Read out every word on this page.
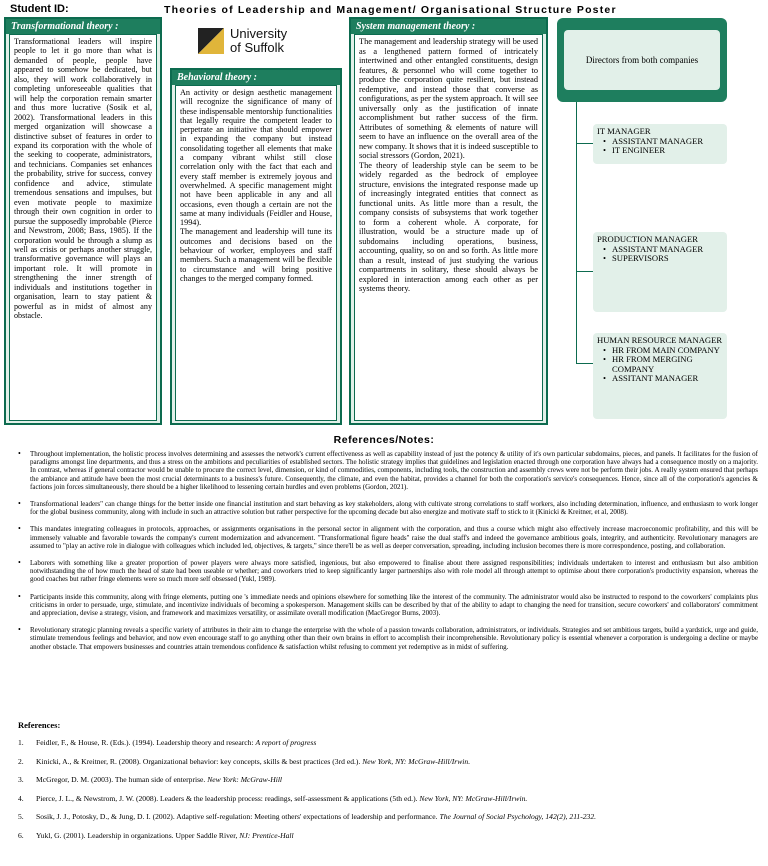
Student ID:	Theories of Leadership and Management/ Organisational Structure Poster
Transformational theory :

Transformational leaders will inspire people to let it go more than what is demanded of people, people have appeared to somehow be dedicated, but also, they will work collaboratively in completing unforeseeable qualities that will help the corporation remain smarter and thus more lucrative (Sosik et al, 2002). Transformational leaders in this merged organization will showcase a distinctive subset of features in order to expand its corporation with the whole of the seeking to cooperate, administrators, and technicians. Companies set enhances the probability, strive for success, convey confidence and advice, stimulate tremendous sensations and impulses, but even motivate people to maximize through their own cognition in order to pursue the supposedly improbable (Pierce and Newstrom, 2008; Bass, 1985). If the corporation would be through a slump as well as crisis or perhaps another struggle, transformative governance will plays an important role. It will promote in strengthening the inner strength of individuals and institutions together in organisation, learn to stay patient & powerful as in midst of almost any obstacle.

University
of Suffolk
Behavioral theory :

An activity or design aesthetic management will recognize the significance of many of these indispensable mentorship functionalities that legally require the competent leader to perpetrate an initiative that should empower in expanding the company but instead consolidating together all elements that make a company vibrant whilst still close correlation only with the fact that each and every staff member is extremely joyous and overwhelmed. A specific management might not have been applicable in any and all occasions, even though a certain are not the same at many individuals (Feidler and House, 1994).

The management and leadership will tune its outcomes and decisions based on the behaviour of worker, employees and staff members. Such a management will be flexible to circumstance and will bring positive changes to the merged company formed.

System management theory :

The management and leadership strategy will be used as a lengthened pattern formed of intricately intertwined and other entangled constituents, design features, & personnel who will come together to produce the corporation quite resilient, but instead redemptive, and instead those that converse as configurations, as per the system approach. It will see universally only as the justification of innate accomplishment but rather success of the firm. Attributes of something & elements of nature will seem to have an influence on the overall area of the new company. It shows that it is indeed susceptible to social stressors (Gordon, 2021).

The theory of leadership style can be seem to be widely regarded as the bedrock of employee structure, envisions the integrated response made up of increasingly integrated entities that connect as functional units. As little more than a result, the company consists of subsystems that work together to form a coherent whole. A corporate, for illustration, would be a structure made up of subdomains including operations, business, accounting, quality, so on and so forth. As little more than a result, instead of just studying the various compartments in solitary, these should always be explored in interaction among each other as per systems theory.

Directors from both companies
IT MANAGER
• ASSISTANT MANAGER
• IT ENGINEER
PRODUCTION MANAGER
• ASSISTANT MANAGER
• SUPERVISORS
HUMAN RESOURCE MANAGER
• HR FROM MAIN COMPANY
• HR FROM MERGING COMPANY
• ASSITANT MANAGER
References/Notes:
• Throughout implementation, the holistic process involves determining and assesses the network's current effectiveness as well as capability instead of just the potency & utility of it's own particular subdomains, pieces, and panels. It facilitates for the fusion of paradigms amongst line departments, and thus a stress on the ambitions and peculiarities of established sectors. The holistic strategy implies that guidelines and legislation enacted through one corporation have always had a consequence mostly on a majority. In contrast, whereas if general contractor would be unable to procure the correct level, dimension, or kind of commodities, components, including tools, the construction and assembly crews were not be perform their jobs. A really system ensured that perhaps the ambiance and attitude have been the most crucial determinants to a business's future. Consequently, the climate, and even the habitat, provides a channel for both the corporation's service's consequences. Hence, since all of the corporation's agencies & factions join forces simultaneously, there should be a higher likelihood to lessening certain hurdles and even problems (Gordon, 2021).
• Transformational leaders" can change things for the better inside one financial institution and start behaving as key stakeholders, along with cultivate strong correlations to staff workers, also including determination, influence, and enthusiasm to work longer for the global business community, along with include in such an attractive solution but rather perspective for the upcoming decade but also energize and motivate staff to stick to it (Kinicki & Kreitner, et al, 2008).
• This mandates integrating colleagues in protocols, approaches, or assignments organisations in the personal sector in alignment with the corporation, and thus a course which might also effectively increase macroeconomic profitability, and this will be immensely valuable and favorable towards the company's current modernization and advancement. "Transformational figure heads" raise the dual staff's and indeed the governance ambitious goals, integrity, and authenticity. Revolutionary managers are assumed to "play an active role in dialogue with colleagues which included led, objectives, & targets," since there'll be as well as deeper conversation, spreading, including inclusion becomes there is more correspondence, posting, and collaboration.
• Laborers with something like a greater proportion of power players were always more satisfied, ingenious, but also empowered to finalise about there assigned responsibilities; individuals undertaken to interest and enthusiasm but also ambition notwithstanding the of how much the head of state had been useable or whether; and coworkers tried to keep significantly larger partnerships also with role model all through attempt to optimise about there corporation's productivity expansion, whereas the good coaches but rather fringe elements were so much more self obsessed (Yukl, 1989).
• Participants inside this community, along with fringe elements, putting one 's immediate needs and opinions elsewhere for something like the interest of the community. The administrator would also be instructed to respond to the coworkers' complaints plus criticisms in order to persuade, urge, stimulate, and incentivize individuals of becoming a spokesperson. Management skills can be described by that of the ability to adapt to changing the need for transition, secure coworkers' and collaborators' commitment and appreciation, devise a strategy, vision, and framework and maximizes versatility, or assimilate overall modification (MacGregor Burns, 2003).
• Revolutionary strategic planning reveals a specific variety of attributes in their aim to change the enterprise with the whole of a passion towards collaboration, administrators, or individuals. Strategies and set ambitious targets, build a yardstick, urge and guide, stimulate tremendous feelings and behavior, and now even encourage staff to go anything other than their own brains in effort to accomplish their incomprehensible. Revolutionary policy is essential whenever a corporation is undergoing a decline or maybe another obstacle. That empowers businesses and countries attain tremendous confidence & satisfaction whilst refusing to comment yet redemptive as in midst of suffering.
References:
1.	Feidler, F., & House, R. (Eds.). (1994). Leadership theory and research: A report of progress
2.	Kinicki, A., & Kreitner, R. (2008). Organizational behavior: key concepts, skills & best practices (3rd ed.). New York, NY: McGraw-Hill/Irwin.
3.	McGregor, D. M. (2003). The human side of enterprise. New York: McGraw-Hill
4.	Pierce, J. L., & Newstrom, J. W. (2008). Leaders & the leadership process: readings, self-assessment & applications (5th ed.). New York, NY: McGraw-Hill/Irwin.
5.	Sosik, J. J., Potosky, D., & Jung, D. I. (2002). Adaptive self-regulation: Meeting others' expectations of leadership and performance. The Journal of Social Psychology, 142(2), 211-232.
6.	Yukl, G. (2001). Leadership in organizations. Upper Saddle River, NJ: Prentice-Hall
